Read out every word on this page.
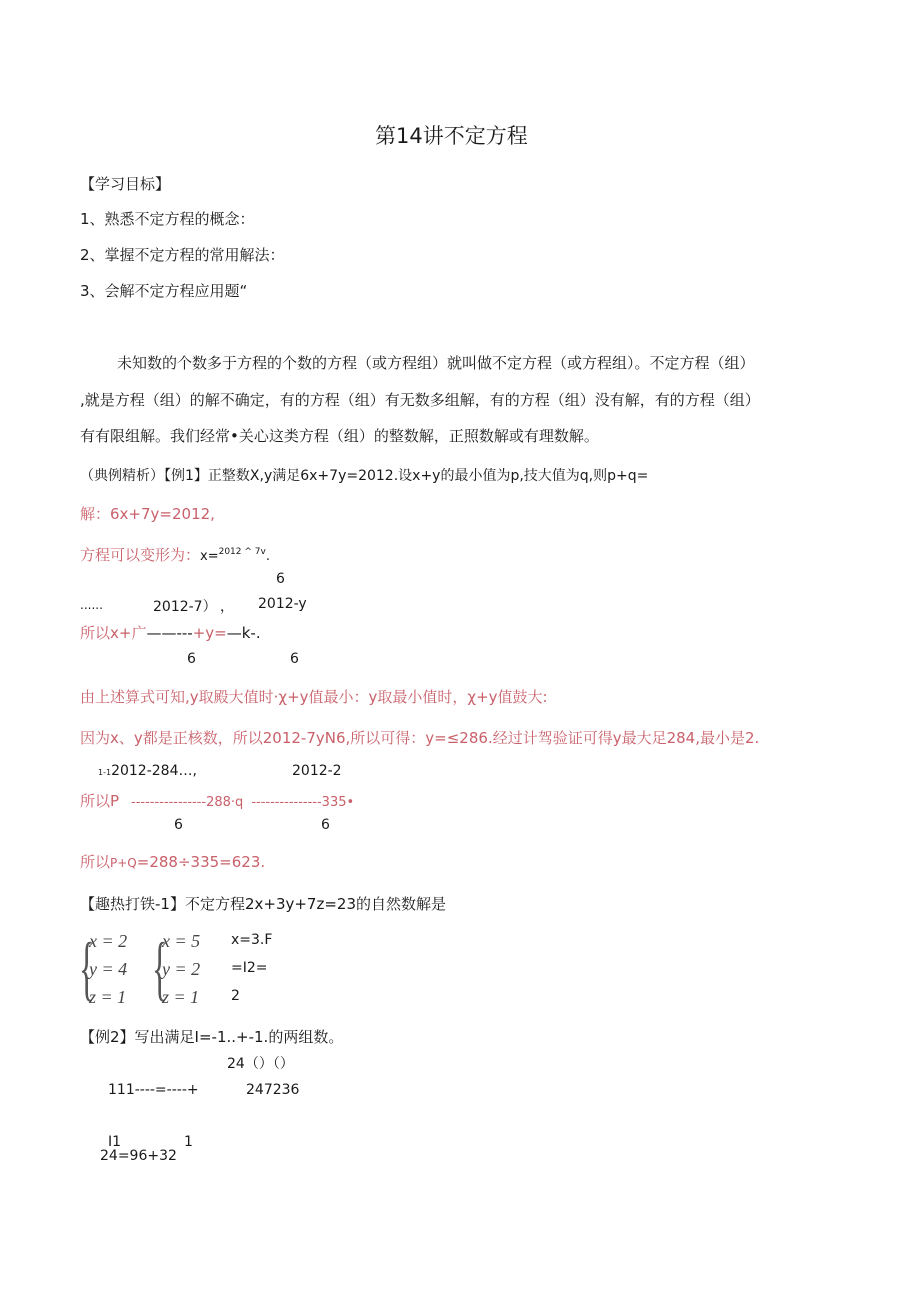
第14讲不定方程
【学习目标】
1、熟悉不定方程的概念：
2、掌握不定方程的常用解法：
3、会解不定方程应用题“
未知数的个数多于方程的个数的方程（或方程组）就叫做不定方程（或方程组）。不定方程（组）
,就是方程（组）的解不确定，有的方程（组）有无数多组解，有的方程（组）没有解，有的方程（组）
有有限组解。我们经常•关心这类方程（组）的整数解，正照数解或有理数解。
（典例精析）【例1】正整数X,y满足6x+7y=2012.设x+y的最小值为p,技大值为q,则p+q=
解：6x+7y=2012,
方程可以变形为：x=$^{2012 \^{} 7v}$.
6
......	2012-7） ， 2012-y
所以x+广——---+y=—k-.
6	6
由上述算式可知,y取殿大值时·χ+y值最小：y取最小值时，χ+y值鼓大:
因为x、y都是正核数，所以2012-7yN6,所以可得：y=≤286.经过计驾验证可得y最大足284,最小是2.
1-12012-284…,	2012-2
所以P ----------------288·q ---------------335•
6	6
所以P+Q=288÷335=623.
【趣热打铁-1】不定方程2x+3y+7z=23的自然数解是
{
x = 2
y = 4
z = 1 {
x = 5
y = 2
z = 1
x=3.F
=I2=
2
【例2】写出满足I=-1..+-1.的两组数。
24（）（）
111----=----+	247236
I1	1
24=96+32
